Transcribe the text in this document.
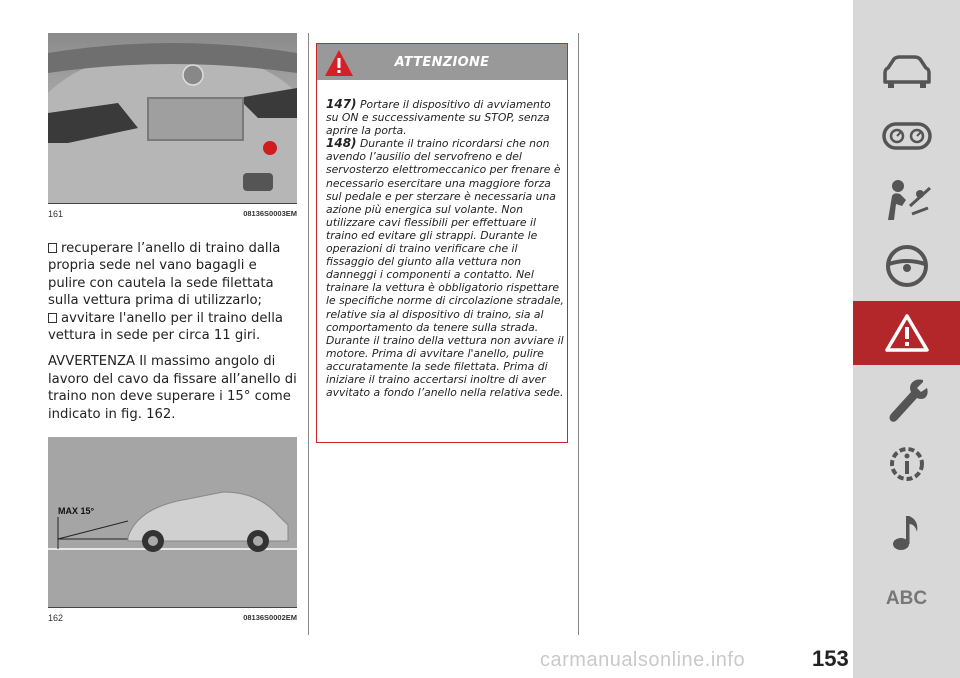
161	08136S0003EM

recuperare l’anello di traino dalla propria sede nel vano bagagli e pulire con cautela la sede filettata sulla vettura prima di utilizzarlo;

avvitare l'anello per il traino della vettura in sede per circa 11 giri.

AVVERTENZA Il massimo angolo di lavoro del cavo da fissare all’anello di traino non deve superare i 15° come indicato in fig. 162.

MAX 15°
162	08136S0002EM
ATTENZIONE
147) Portare il dispositivo di avviamento su ON e successivamente su STOP, senza aprire la porta.
148) Durante il traino ricordarsi che non avendo l’ausilio del servofreno e del servosterzo elettromeccanico per frenare è necessario esercitare una maggiore forza sul pedale e per sterzare è necessaria una azione più energica sul volante. Non utilizzare cavi flessibili per effettuare il traino ed evitare gli strappi. Durante le operazioni di traino verificare che il fissaggio del giunto alla vettura non danneggi i componenti a contatto. Nel trainare la vettura è obbligatorio rispettare le specifiche norme di circolazione stradale, relative sia al dispositivo di traino, sia al comportamento da tenere sulla strada. Durante il traino della vettura non avviare il motore. Prima di avvitare l'anello, pulire accuratamente la sede filettata. Prima di iniziare il traino accertarsi inoltre di aver avvitato a fondo l’anello nella relativa sede.
ABC
carmanualsonline.info	153
